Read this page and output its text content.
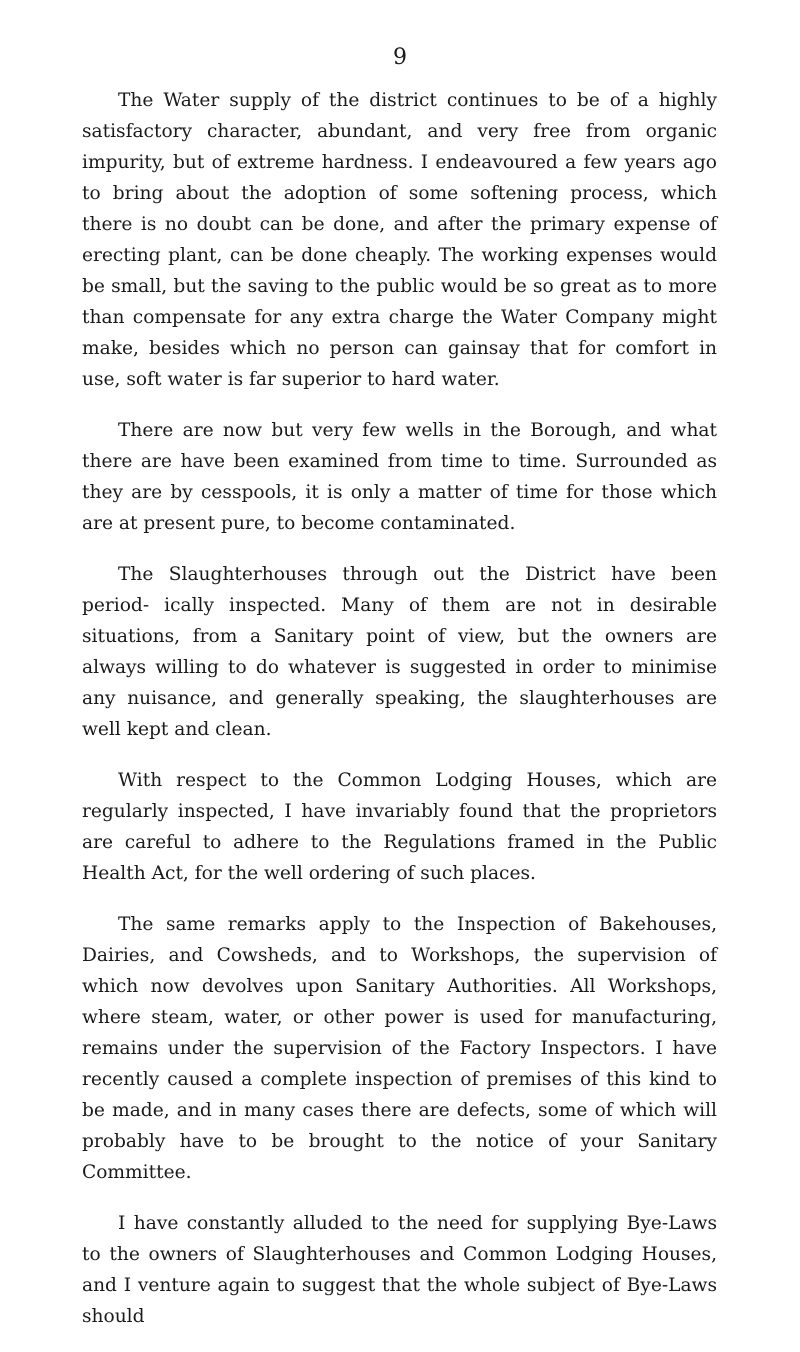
9

The Water supply of the district continues to be of a highly satisfactory character, abundant, and very free from organic impurity, but of extreme hardness. I endeavoured a few years ago to bring about the adoption of some softening process, which there is no doubt can be done, and after the primary expense of erecting plant, can be done cheaply. The working expenses would be small, but the saving to the public would be so great as to more than compensate for any extra charge the Water Company might make, besides which no person can gainsay that for comfort in use, soft water is far superior to hard water.

There are now but very few wells in the Borough, and what there are have been examined from time to time. Surrounded as they are by cesspools, it is only a matter of time for those which are at present pure, to become contaminated.

The Slaughterhouses through out the District have been period- ically inspected. Many of them are not in desirable situations, from a Sanitary point of view, but the owners are always willing to do whatever is suggested in order to minimise any nuisance, and generally speaking, the slaughterhouses are well kept and clean.

With respect to the Common Lodging Houses, which are regularly inspected, I have invariably found that the proprietors are careful to adhere to the Regulations framed in the Public Health Act, for the well ordering of such places.

The same remarks apply to the Inspection of Bakehouses, Dairies, and Cowsheds, and to Workshops, the supervision of which now devolves upon Sanitary Authorities. All Workshops, where steam, water, or other power is used for manufacturing, remains under the supervision of the Factory Inspectors. I have recently caused a complete inspection of premises of this kind to be made, and in many cases there are defects, some of which will probably have to be brought to the notice of your Sanitary Committee.

I have constantly alluded to the need for supplying Bye-Laws to the owners of Slaughterhouses and Common Lodging Houses, and I venture again to suggest that the whole subject of Bye-Laws should
